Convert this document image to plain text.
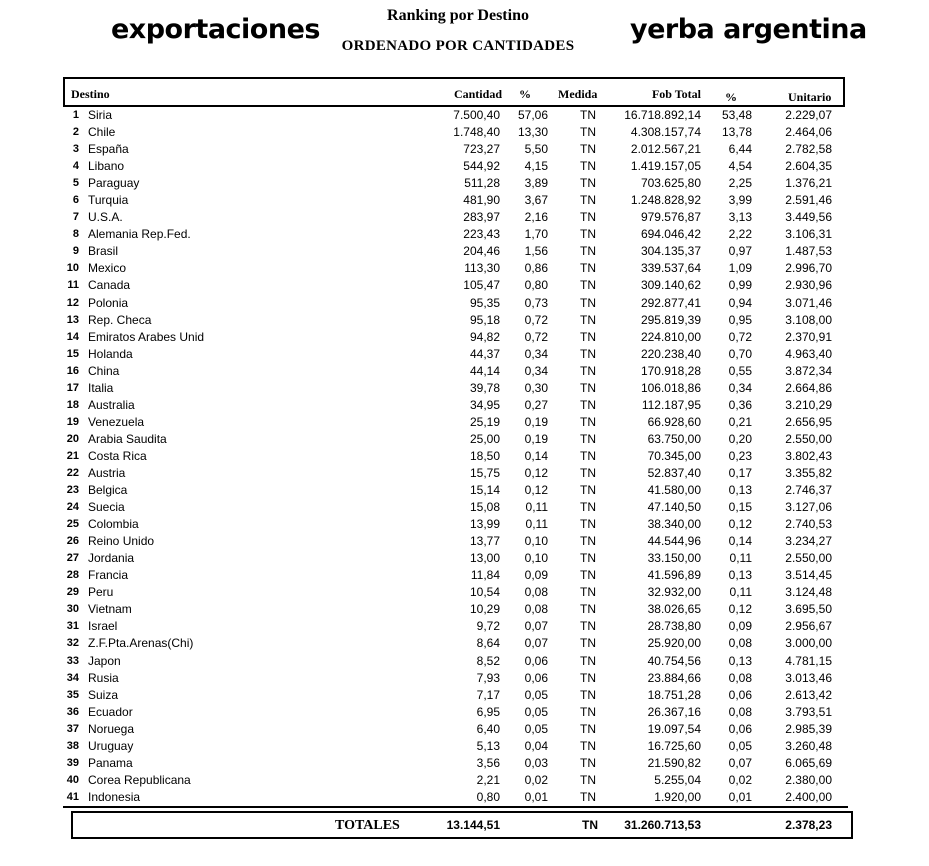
exportaciones	Ranking por Destino
ORDENADO POR CANTIDADES
yerba argentina
Destino	Cantidad % Medida	Fob Total %	Unitario
1 Siria	7.500,40 57,06	TN 16.718.892,14 53,48	2.229,07
2 Chile	1.748,40 13,30	TN	4.308.157,74 13,78	2.464,06
3 España	723,27 5,50	TN	2.012.567,21 6,44	2.782,58
4 Libano	544,92 4,15	TN	1.419.157,05 4,54	2.604,35
5 Paraguay	511,28 3,89	TN	703.625,80 2,25	1.376,21
6 Turquia	481,90 3,67	TN	1.248.828,92 3,99	2.591,46
7 U.S.A.	283,97 2,16	TN	979.576,87 3,13	3.449,56
8 Alemania Rep.Fed.	223,43 1,70	TN	694.046,42 2,22	3.106,31
9 Brasil	204,46 1,56	TN	304.135,37 0,97	1.487,53
10 Mexico	113,30 0,86	TN	339.537,64 1,09	2.996,70
11 Canada	105,47 0,80	TN	309.140,62 0,99	2.930,96
12 Polonia	95,35 0,73	TN	292.877,41 0,94	3.071,46
13 Rep. Checa	95,18 0,72	TN	295.819,39 0,95	3.108,00
14 Emiratos Arabes Unid	94,82 0,72	TN	224.810,00 0,72	2.370,91
15 Holanda	44,37 0,34	TN	220.238,40 0,70	4.963,40
16 China	44,14 0,34	TN	170.918,28 0,55	3.872,34
17 Italia	39,78 0,30	TN	106.018,86 0,34	2.664,86
18 Australia	34,95 0,27	TN	112.187,95 0,36	3.210,29
19 Venezuela	25,19 0,19	TN	66.928,60 0,21	2.656,95
20 Arabia Saudita	25,00 0,19	TN	63.750,00 0,20	2.550,00
21 Costa Rica	18,50 0,14	TN	70.345,00 0,23	3.802,43
22 Austria	15,75 0,12	TN	52.837,40 0,17	3.355,82
23 Belgica	15,14 0,12	TN	41.580,00 0,13	2.746,37
24 Suecia	15,08 0,11	TN	47.140,50 0,15	3.127,06
25 Colombia	13,99 0,11	TN	38.340,00 0,12	2.740,53
26 Reino Unido	13,77 0,10	TN	44.544,96 0,14	3.234,27
27 Jordania	13,00 0,10	TN	33.150,00 0,11	2.550,00
28 Francia	11,84 0,09	TN	41.596,89 0,13	3.514,45
29 Peru	10,54 0,08	TN	32.932,00 0,11	3.124,48
30 Vietnam	10,29 0,08	TN	38.026,65 0,12	3.695,50
31 Israel	9,72 0,07	TN	28.738,80 0,09	2.956,67
32 Z.F.Pta.Arenas(Chi)	8,64 0,07	TN	25.920,00 0,08	3.000,00
33 Japon	8,52 0,06	TN	40.754,56 0,13	4.781,15
34 Rusia	7,93 0,06	TN	23.884,66 0,08	3.013,46
35 Suiza	7,17 0,05	TN	18.751,28 0,06	2.613,42
36 Ecuador	6,95 0,05	TN	26.367,16 0,08	3.793,51
37 Noruega	6,40 0,05	TN	19.097,54 0,06	2.985,39
38 Uruguay	5,13 0,04	TN	16.725,60 0,05	3.260,48
39 Panama	3,56 0,03	TN	21.590,82 0,07	6.065,69
40 Corea Republicana	2,21 0,02	TN	5.255,04 0,02	2.380,00
41 Indonesia	0,80 0,01	TN	1.920,00 0,01	2.400,00
TOTALES	13.144,51	TN 31.260.713,53	2.378,23
